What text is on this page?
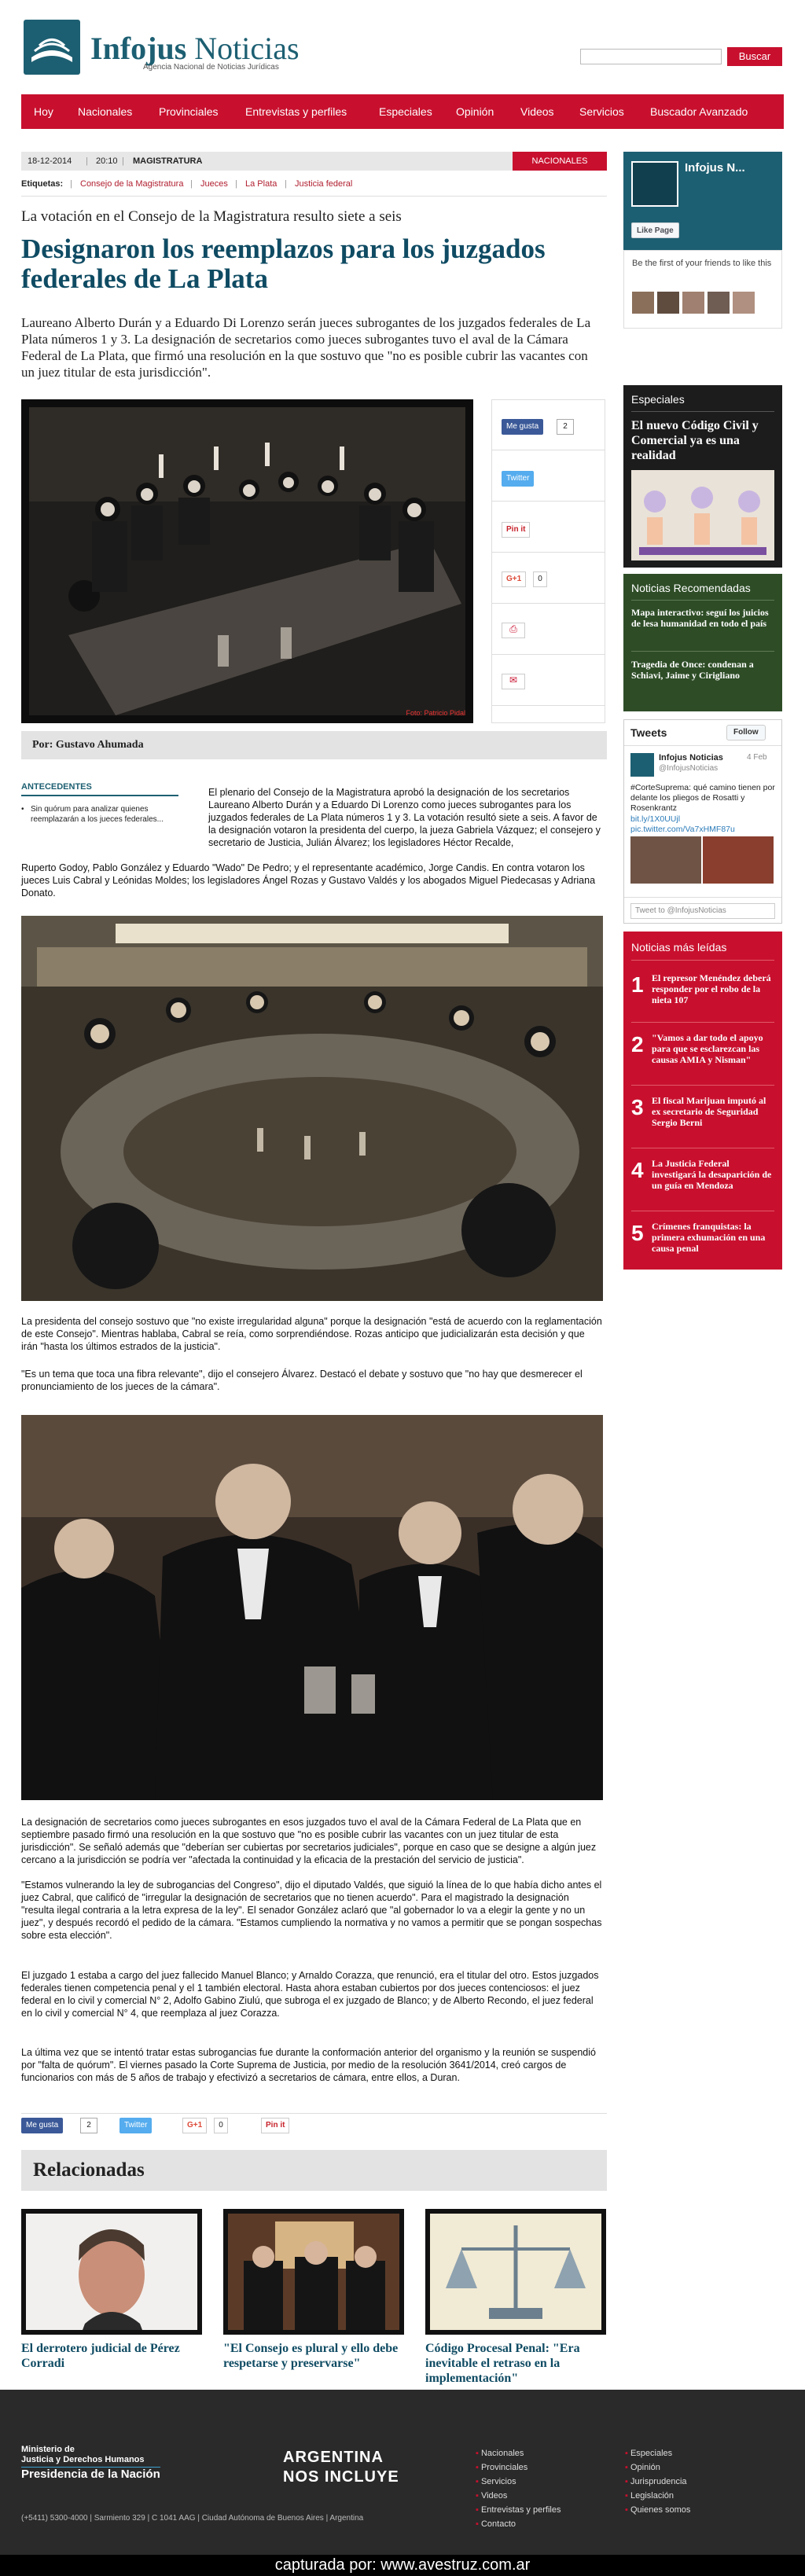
Infojus Noticias
Agencia Nacional de Noticias Jurídicas
Buscar
Hoy Nacionales Provinciales Entrevistas y perfiles	Especiales Opinión Videos Servicios Buscador Avanzado
18-12-2014 | 20:10 | MAGISTRATURA	NACIONALES
Etiquetas: | Consejo de la Magistratura | Jueces | La Plata | Justicia federal
La votación en el Consejo de la Magistratura resulto siete a seis
Designaron los reemplazos para los juzgados federales de La Plata
Laureano Alberto Durán y a Eduardo Di Lorenzo serán jueces subrogantes de los juzgados federales de La Plata números 1 y 3. La designación de secretarios como jueces subrogantes tuvo el aval de la Cámara Federal de La Plata, que firmó una resolución en la que sostuvo que "no es posible cubrir las vacantes con un juez titular de esta jurisdicción".
Foto: Patricio Pidal
Me gusta	2
Twitter
Pin it
G+1	0
⎙
✉
Por: Gustavo Ahumada
ANTECEDENTES
• Sin quórum para analizar quienes reemplazarán a los jueces federales...
El plenario del Consejo de la Magistratura aprobó la designación de los secretarios Laureano Alberto Durán y a Eduardo Di Lorenzo como jueces subrogantes para los juzgados federales de La Plata números 1 y 3. La votación resultó siete a seis. A favor de la designación votaron la presidenta del cuerpo, la jueza Gabriela Vázquez; el consejero y secretario de Justicia, Julián Álvarez; los legisladores Héctor Recalde,
Ruperto Godoy, Pablo González y Eduardo "Wado" De Pedro; y el representante académico, Jorge Candis. En contra votaron los jueces Luis Cabral y Leónidas Moldes; los legisladores Ángel Rozas y Gustavo Valdés y los abogados Miguel Piedecasas y Adriana Donato.
La presidenta del consejo sostuvo que "no existe irregularidad alguna" porque la designación "está de acuerdo con la reglamentación de este Consejo". Mientras hablaba, Cabral se reía, como sorprendiéndose. Rozas anticipo que judicializarán esta decisión y que irán "hasta los últimos estrados de la justicia".
"Es un tema que toca una fibra relevante", dijo el consejero Álvarez. Destacó el debate y sostuvo que "no hay que desmerecer el pronunciamiento de los jueces de la cámara".
La designación de secretarios como jueces subrogantes en esos juzgados tuvo el aval de la Cámara Federal de La Plata que en septiembre pasado firmó una resolución en la que sostuvo que "no es posible cubrir las vacantes con un juez titular de esta jurisdicción". Se señaló además que "deberían ser cubiertas por secretarios judiciales", porque en caso que se designe a algún juez cercano a la jurisdicción se podría ver "afectada la continuidad y la eficacia de la prestación del servicio de justicia".
"Estamos vulnerando la ley de subrogancias del Congreso", dijo el diputado Valdés, que siguió la línea de lo que había dicho antes el juez Cabral, que calificó de "irregular la designación de secretarios que no tienen acuerdo". Para el magistrado la designación "resulta ilegal contraria a la letra expresa de la ley". El senador González aclaró que "al gobernador lo va a elegir la gente y no un juez", y después recordó el pedido de la cámara. "Estamos cumpliendo la normativa y no vamos a permitir que se pongan sospechas sobre esta elección".
El juzgado 1 estaba a cargo del juez fallecido Manuel Blanco; y Arnaldo Corazza, que renunció, era el titular del otro. Estos juzgados federales tienen competencia penal y el 1 también electoral. Hasta ahora estaban cubiertos por dos jueces contenciosos: el juez federal en lo civil y comercial N° 2, Adolfo Gabino Ziulú, que subroga el ex juzgado de Blanco; y de Alberto Recondo, el juez federal en lo civil y comercial N° 4, que reemplaza al juez Corazza.
La última vez que se intentó tratar estas subrogancias fue durante la conformación anterior del organismo y la reunión se suspendió por "falta de quórum". El viernes pasado la Corte Suprema de Justicia, por medio de la resolución 3641/2014, creó cargos de funcionarios con más de 5 años de trabajo y efectivizó a secretarios de cámara, entre ellos, a Duran.
Me gusta	2	Twitter	G+1	0	Pin it
Relacionadas
El derrotero judicial de Pérez Corradi
"El Consejo es plural y ello debe respetarse y preservarse"
Código Procesal Penal: "Era inevitable el retraso en la implementación"
Infojus N...
Like Page
Be the first of your friends to like this
Especiales
El nuevo Código Civil y Comercial ya es una realidad
Noticias Recomendadas
Mapa interactivo: seguí los juicios de lesa humanidad en todo el país
Tragedia de Once: condenan a Schiavi, Jaime y Cirigliano
Tweets	Follow
Infojus Noticias	4 Feb
@InfojusNoticias
#CorteSuprema: qué camino tienen por delante los pliegos de Rosatti y Rosenkrantz
bit.ly/1X0UUjl pic.twitter.com/Va7xHMF87u
Tweet to @InfojusNoticias
Noticias más leídas
1 El represor Menéndez deberá responder por el robo de la nieta 107
2 "Vamos a dar todo el apoyo para que se esclarezcan las causas AMIA y Nisman"
3 El fiscal Marijuan imputó al ex secretario de Seguridad Sergio Berni
4 La Justicia Federal investigará la desaparición de un guía en Mendoza
5 Crímenes franquistas: la primera exhumación en una causa penal
Ministerio de
Justicia y Derechos Humanos
Presidencia de la Nación
ARGENTINA
NOS INCLUYE
(+5411) 5300-4000 | Sarmiento 329 | C 1041 AAG | Ciudad Autónoma de Buenos Aires | Argentina
▪ Nacionales
▪ Provinciales
▪ Servicios
▪ Videos
▪ Entrevistas y perfiles
▪ Contacto
▪ Especiales
▪ Opinión
▪ Jurisprudencia
▪ Legislación
▪ Quienes somos
capturada por: www.avestruz.com.ar
